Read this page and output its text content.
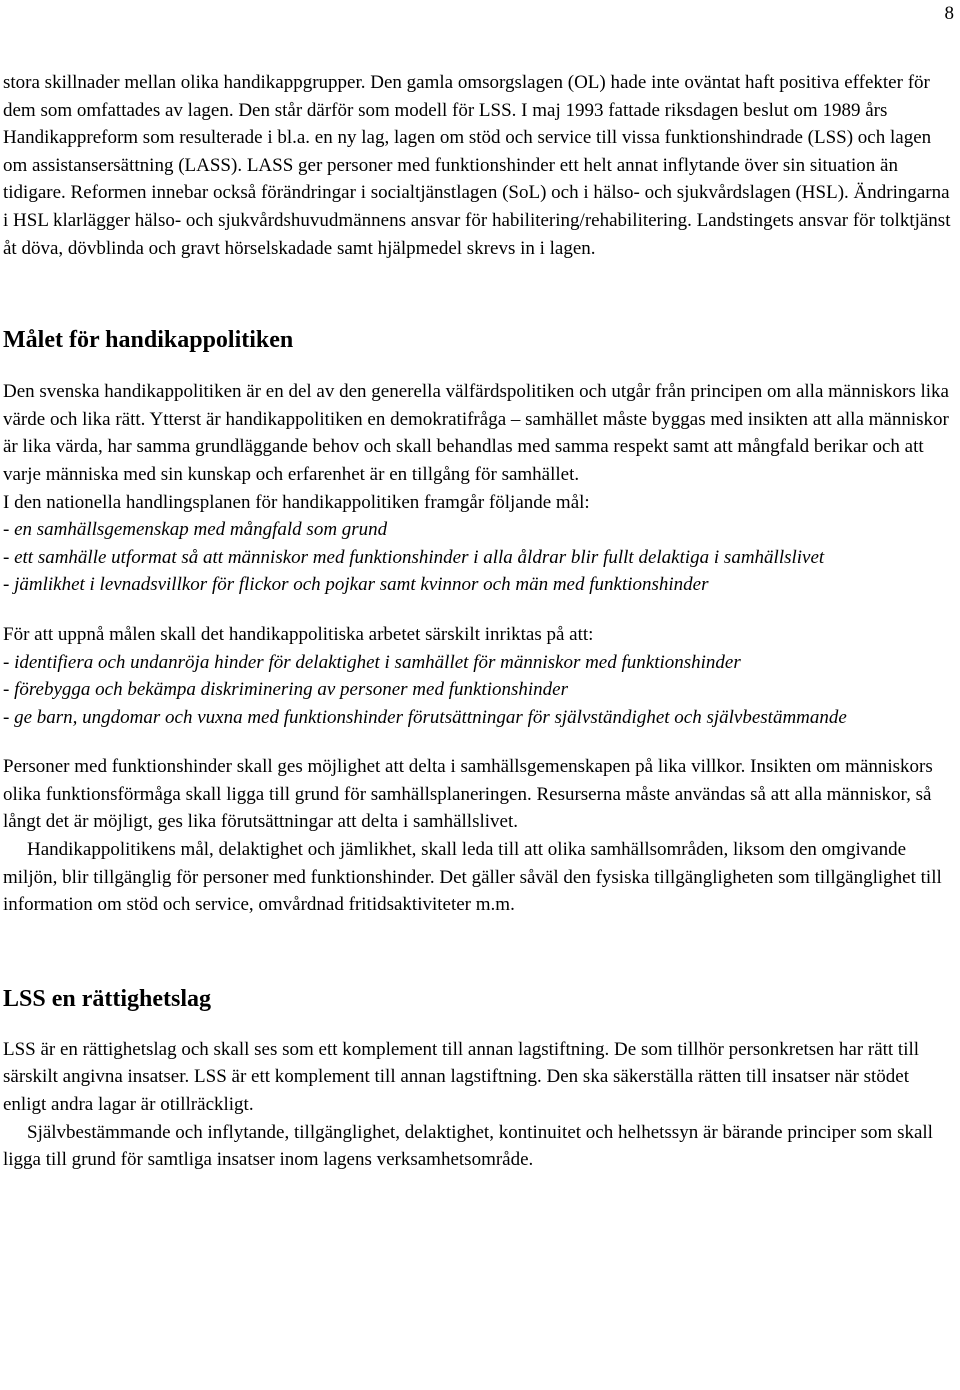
8

stora skillnader mellan olika handikappgrupper. Den gamla omsorgslagen (OL) hade inte oväntat haft positiva effekter för dem som omfattades av lagen. Den står därför som modell för LSS. I maj 1993 fattade riksdagen beslut om 1989 års Handikappreform som resulterade i bl.a. en ny lag, lagen om stöd och service till vissa funktionshindrade (LSS) och lagen om assistansersättning (LASS). LASS ger personer med funktionshinder ett helt annat inflytande över sin situation än tidigare. Reformen innebar också förändringar i socialtjänstlagen (SoL) och i hälso- och sjukvårdslagen (HSL). Ändringarna i HSL klarlägger hälso- och sjukvårdshuvudmännens ansvar för habilitering/rehabilitering. Landstingets ansvar för tolktjänst åt döva, dövblinda och gravt hörselskadade samt hjälpmedel skrevs in i lagen.

Målet för handikappolitiken

Den svenska handikappolitiken är en del av den generella välfärdspolitiken och utgår från principen om alla människors lika värde och lika rätt. Ytterst är handikappolitiken en demokratifråga – samhället måste byggas med insikten att alla människor är lika värda, har samma grundläggande behov och skall behandlas med samma respekt samt att mångfald berikar och att varje människa med sin kunskap och erfarenhet är en tillgång för samhället.

I den nationella handlingsplanen för handikappolitiken framgår följande mål:

- en samhällsgemenskap med mångfald som grund

- ett samhälle utformat så att människor med funktionshinder i alla åldrar blir fullt delaktiga i samhällslivet

- jämlikhet i levnadsvillkor för flickor och pojkar samt kvinnor och män med funktionshinder

För att uppnå målen skall det handikappolitiska arbetet särskilt inriktas på att:

- identifiera och undanröja hinder för delaktighet i samhället för människor med funktionshinder

- förebygga och bekämpa diskriminering av personer med funktionshinder

- ge barn, ungdomar och vuxna med funktionshinder förutsättningar för självständighet och självbestämmande

Personer med funktionshinder skall ges möjlighet att delta i samhällsgemenskapen på lika villkor. Insikten om människors olika funktionsförmåga skall ligga till grund för samhällsplaneringen. Resurserna måste användas så att alla människor, så långt det är möjligt, ges lika förutsättningar att delta i samhällslivet.

Handikappolitikens mål, delaktighet och jämlikhet, skall leda till att olika samhällsområden, liksom den omgivande miljön, blir tillgänglig för personer med funktionshinder. Det gäller såväl den fysiska tillgängligheten som tillgänglighet till information om stöd och service, omvårdnad fritidsaktiviteter m.m.

LSS en rättighetslag

LSS är en rättighetslag och skall ses som ett komplement till annan lagstiftning. De som tillhör personkretsen har rätt till särskilt angivna insatser. LSS är ett komplement till annan lagstiftning. Den ska säkerställa rätten till insatser när stödet enligt andra lagar är otillräckligt.

Självbestämmande och inflytande, tillgänglighet, delaktighet, kontinuitet och helhetssyn är bärande principer som skall ligga till grund för samtliga insatser inom lagens verksamhetsområde.
